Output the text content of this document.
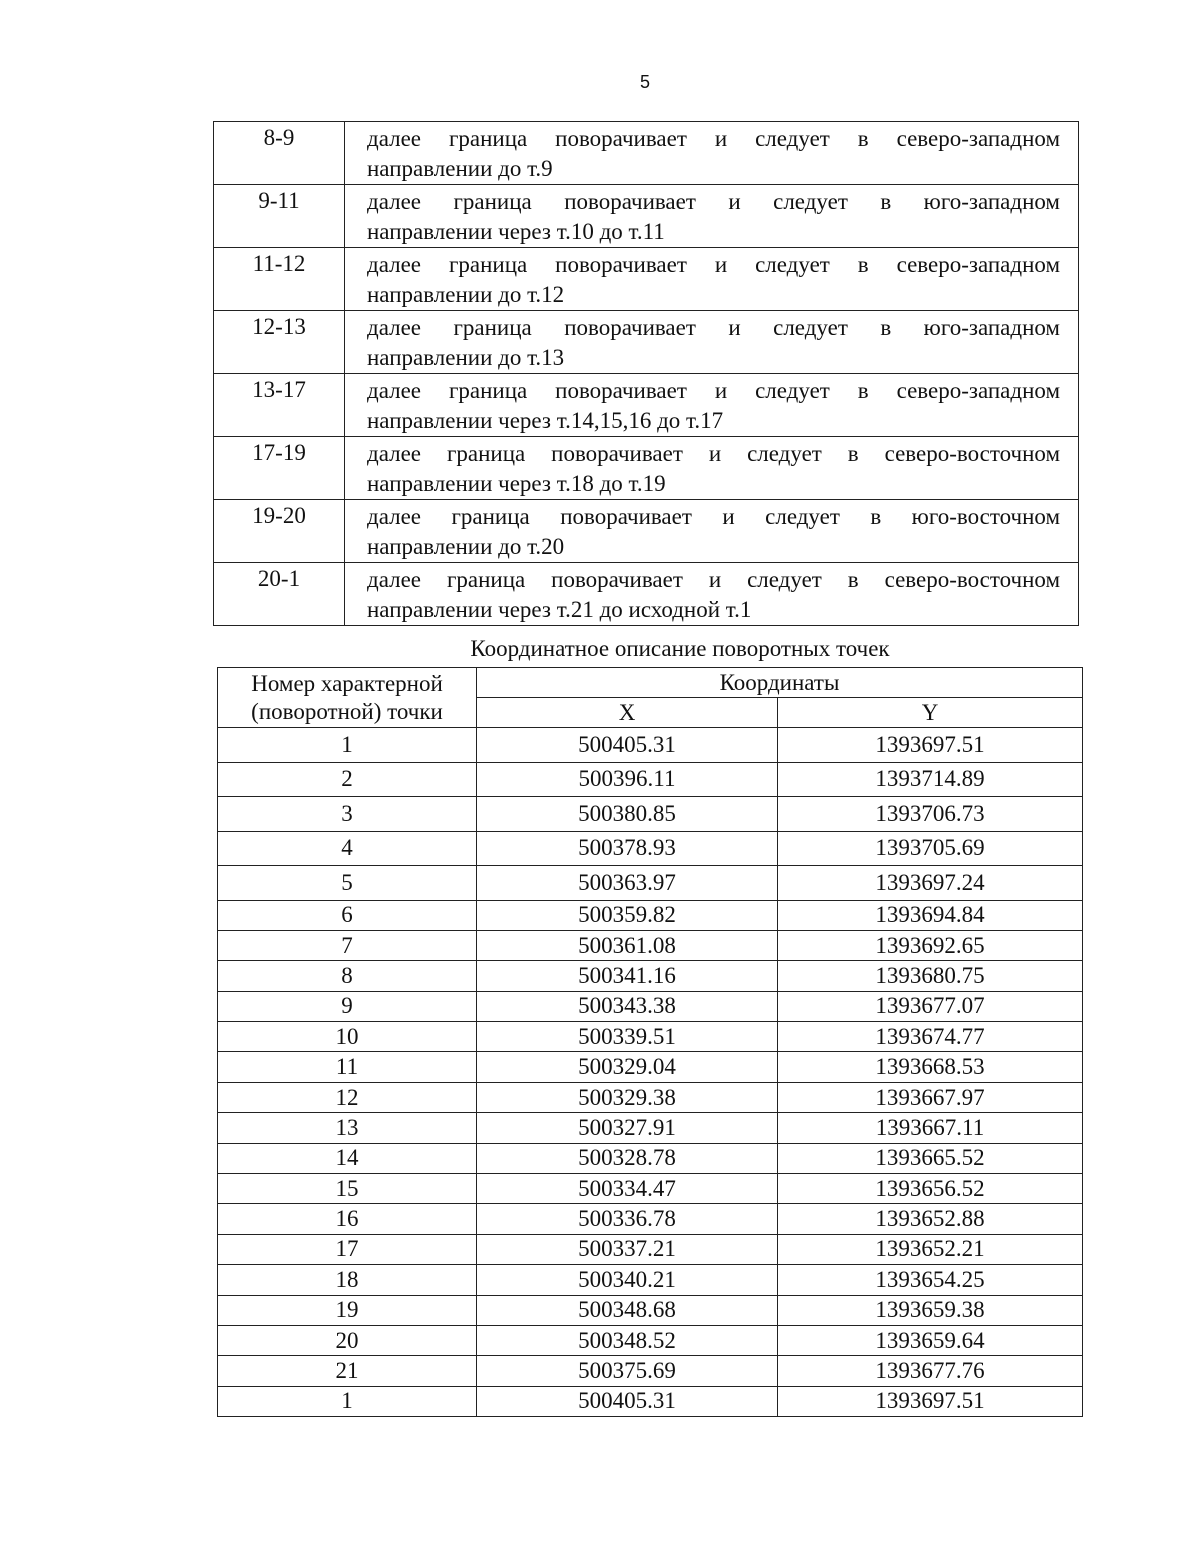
5
8-9	далее граница поворачивает и следует в северо-западном
направлении до т.9

9-11	далее граница поворачивает и следует в юго-западном
направлении через т.10 до т.11

11-12	далее граница поворачивает и следует в северо-западном
направлении до т.12

12-13	далее граница поворачивает и следует в юго-западном
направлении до т.13

13-17	далее граница поворачивает и следует в северо-западном
направлении через т.14,15,16 до т.17

17-19	далее граница поворачивает и следует в северо-восточном
направлении через т.18 до т.19

19-20	далее граница поворачивает и следует в юго-восточном
направлении до т.20

20-1	далее граница поворачивает и следует в северо-восточном
направлении через т.21 до исходной т.1
Координатное описание поворотных точек
Номер характерной
(поворотной) точки	Координаты	
	X	Y
1	500405.31	1393697.51
2	500396.11	1393714.89
3	500380.85	1393706.73
4	500378.93	1393705.69
5	500363.97	1393697.24
6	500359.82	1393694.84
7	500361.08	1393692.65
8	500341.16	1393680.75
9	500343.38	1393677.07
10	500339.51	1393674.77
11	500329.04	1393668.53
12	500329.38	1393667.97
13	500327.91	1393667.11
14	500328.78	1393665.52
15	500334.47	1393656.52
16	500336.78	1393652.88
17	500337.21	1393652.21
18	500340.21	1393654.25
19	500348.68	1393659.38
20	500348.52	1393659.64
21	500375.69	1393677.76
1	500405.31	1393697.51
